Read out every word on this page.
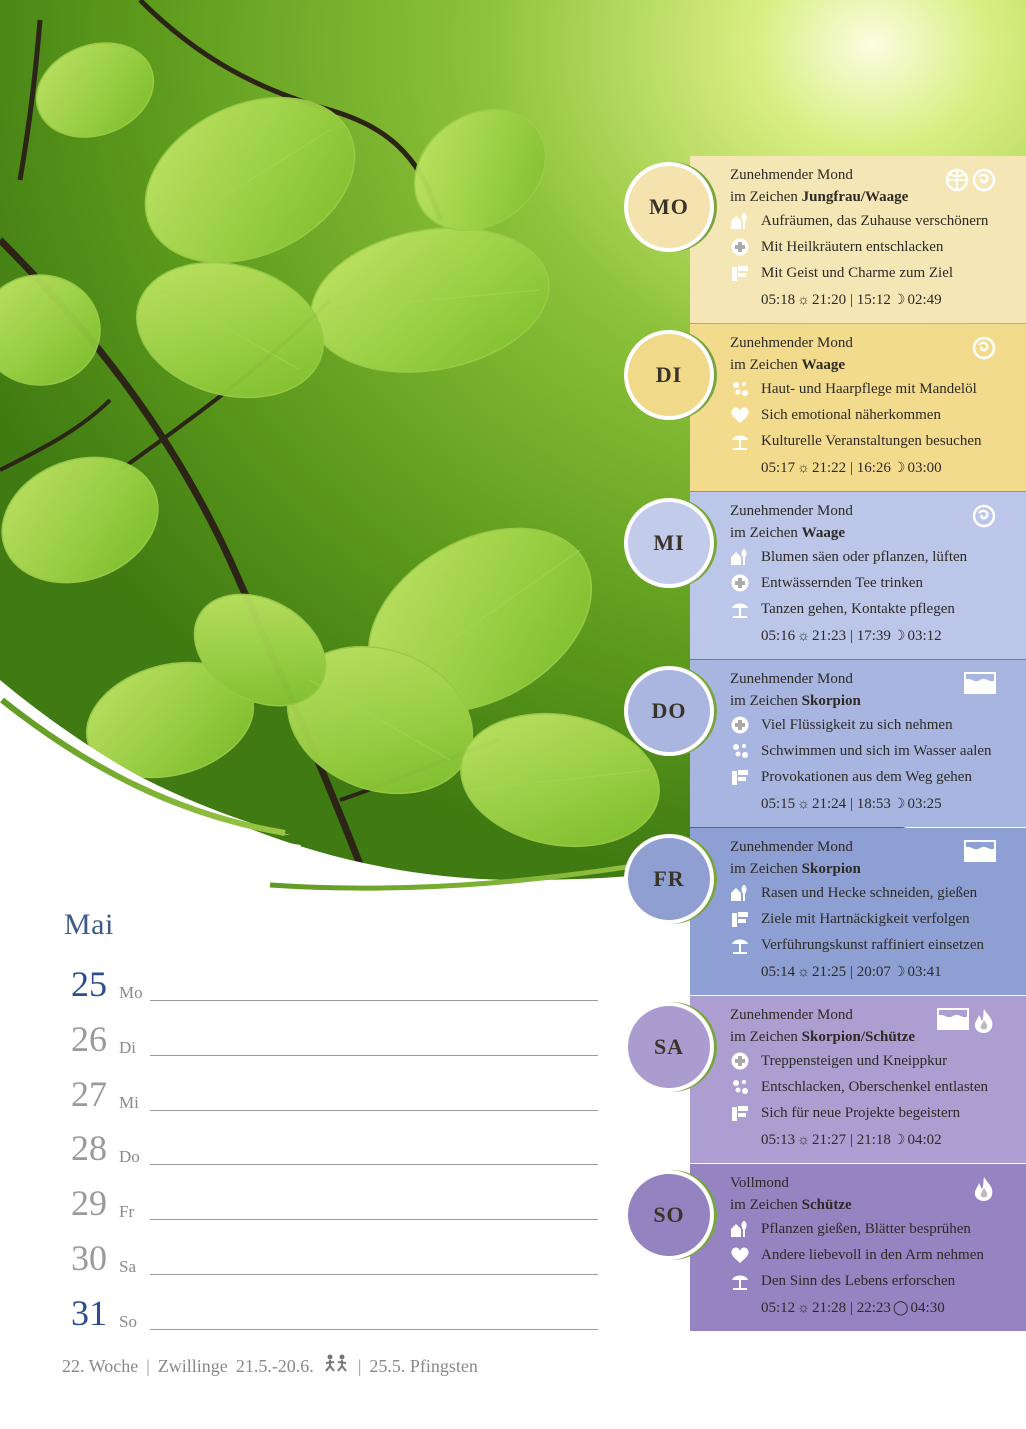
Mai
25 Mo
26 Di
27 Mi
28 Do
29 Fr
30 Sa
31 So
22. Woche | Zwillinge 21.5.-20.6. | 25.5. Pfingsten
Zunehmender Mond
im Zeichen Jungfrau/Waage
Aufräumen, das Zuhause verschönern
Mit Heilkräutern entschlacken
Mit Geist und Charme zum Ziel
05:18 ☼ 21:20 | 15:12☽02:49
MO
Zunehmender Mond
im Zeichen Waage
Haut- und Haarpflege mit Mandelöl
Sich emotional näherkommen
Kulturelle Veranstaltungen besuchen
05:17 ☼ 21:22 | 16:26☽03:00
DI
Zunehmender Mond
im Zeichen Waage
Blumen säen oder pflanzen, lüften
Entwässernden Tee trinken
Tanzen gehen, Kontakte pflegen
05:16 ☼ 21:23 | 17:39☽03:12
MI
Zunehmender Mond
im Zeichen Skorpion
Viel Flüssigkeit zu sich nehmen
Schwimmen und sich im Wasser aalen
Provokationen aus dem Weg gehen
05:15 ☼ 21:24 | 18:53☽03:25
DO
Zunehmender Mond
im Zeichen Skorpion
Rasen und Hecke schneiden, gießen
Ziele mit Hartnäckigkeit verfolgen
Verführungskunst raffiniert einsetzen
05:14 ☼ 21:25 | 20:07☽03:41
FR
Zunehmender Mond
im Zeichen Skorpion/Schütze
Treppensteigen und Kneippkur
Entschlacken, Oberschenkel entlasten
Sich für neue Projekte begeistern
05:13 ☼ 21:27 | 21:18☽04:02
SA
Vollmond
im Zeichen Schütze
Pflanzen gießen, Blätter besprühen
Andere liebevoll in den Arm nehmen
Den Sinn des Lebens erforschen
05:12 ☼ 21:28 | 22:23◯04:30
SO
